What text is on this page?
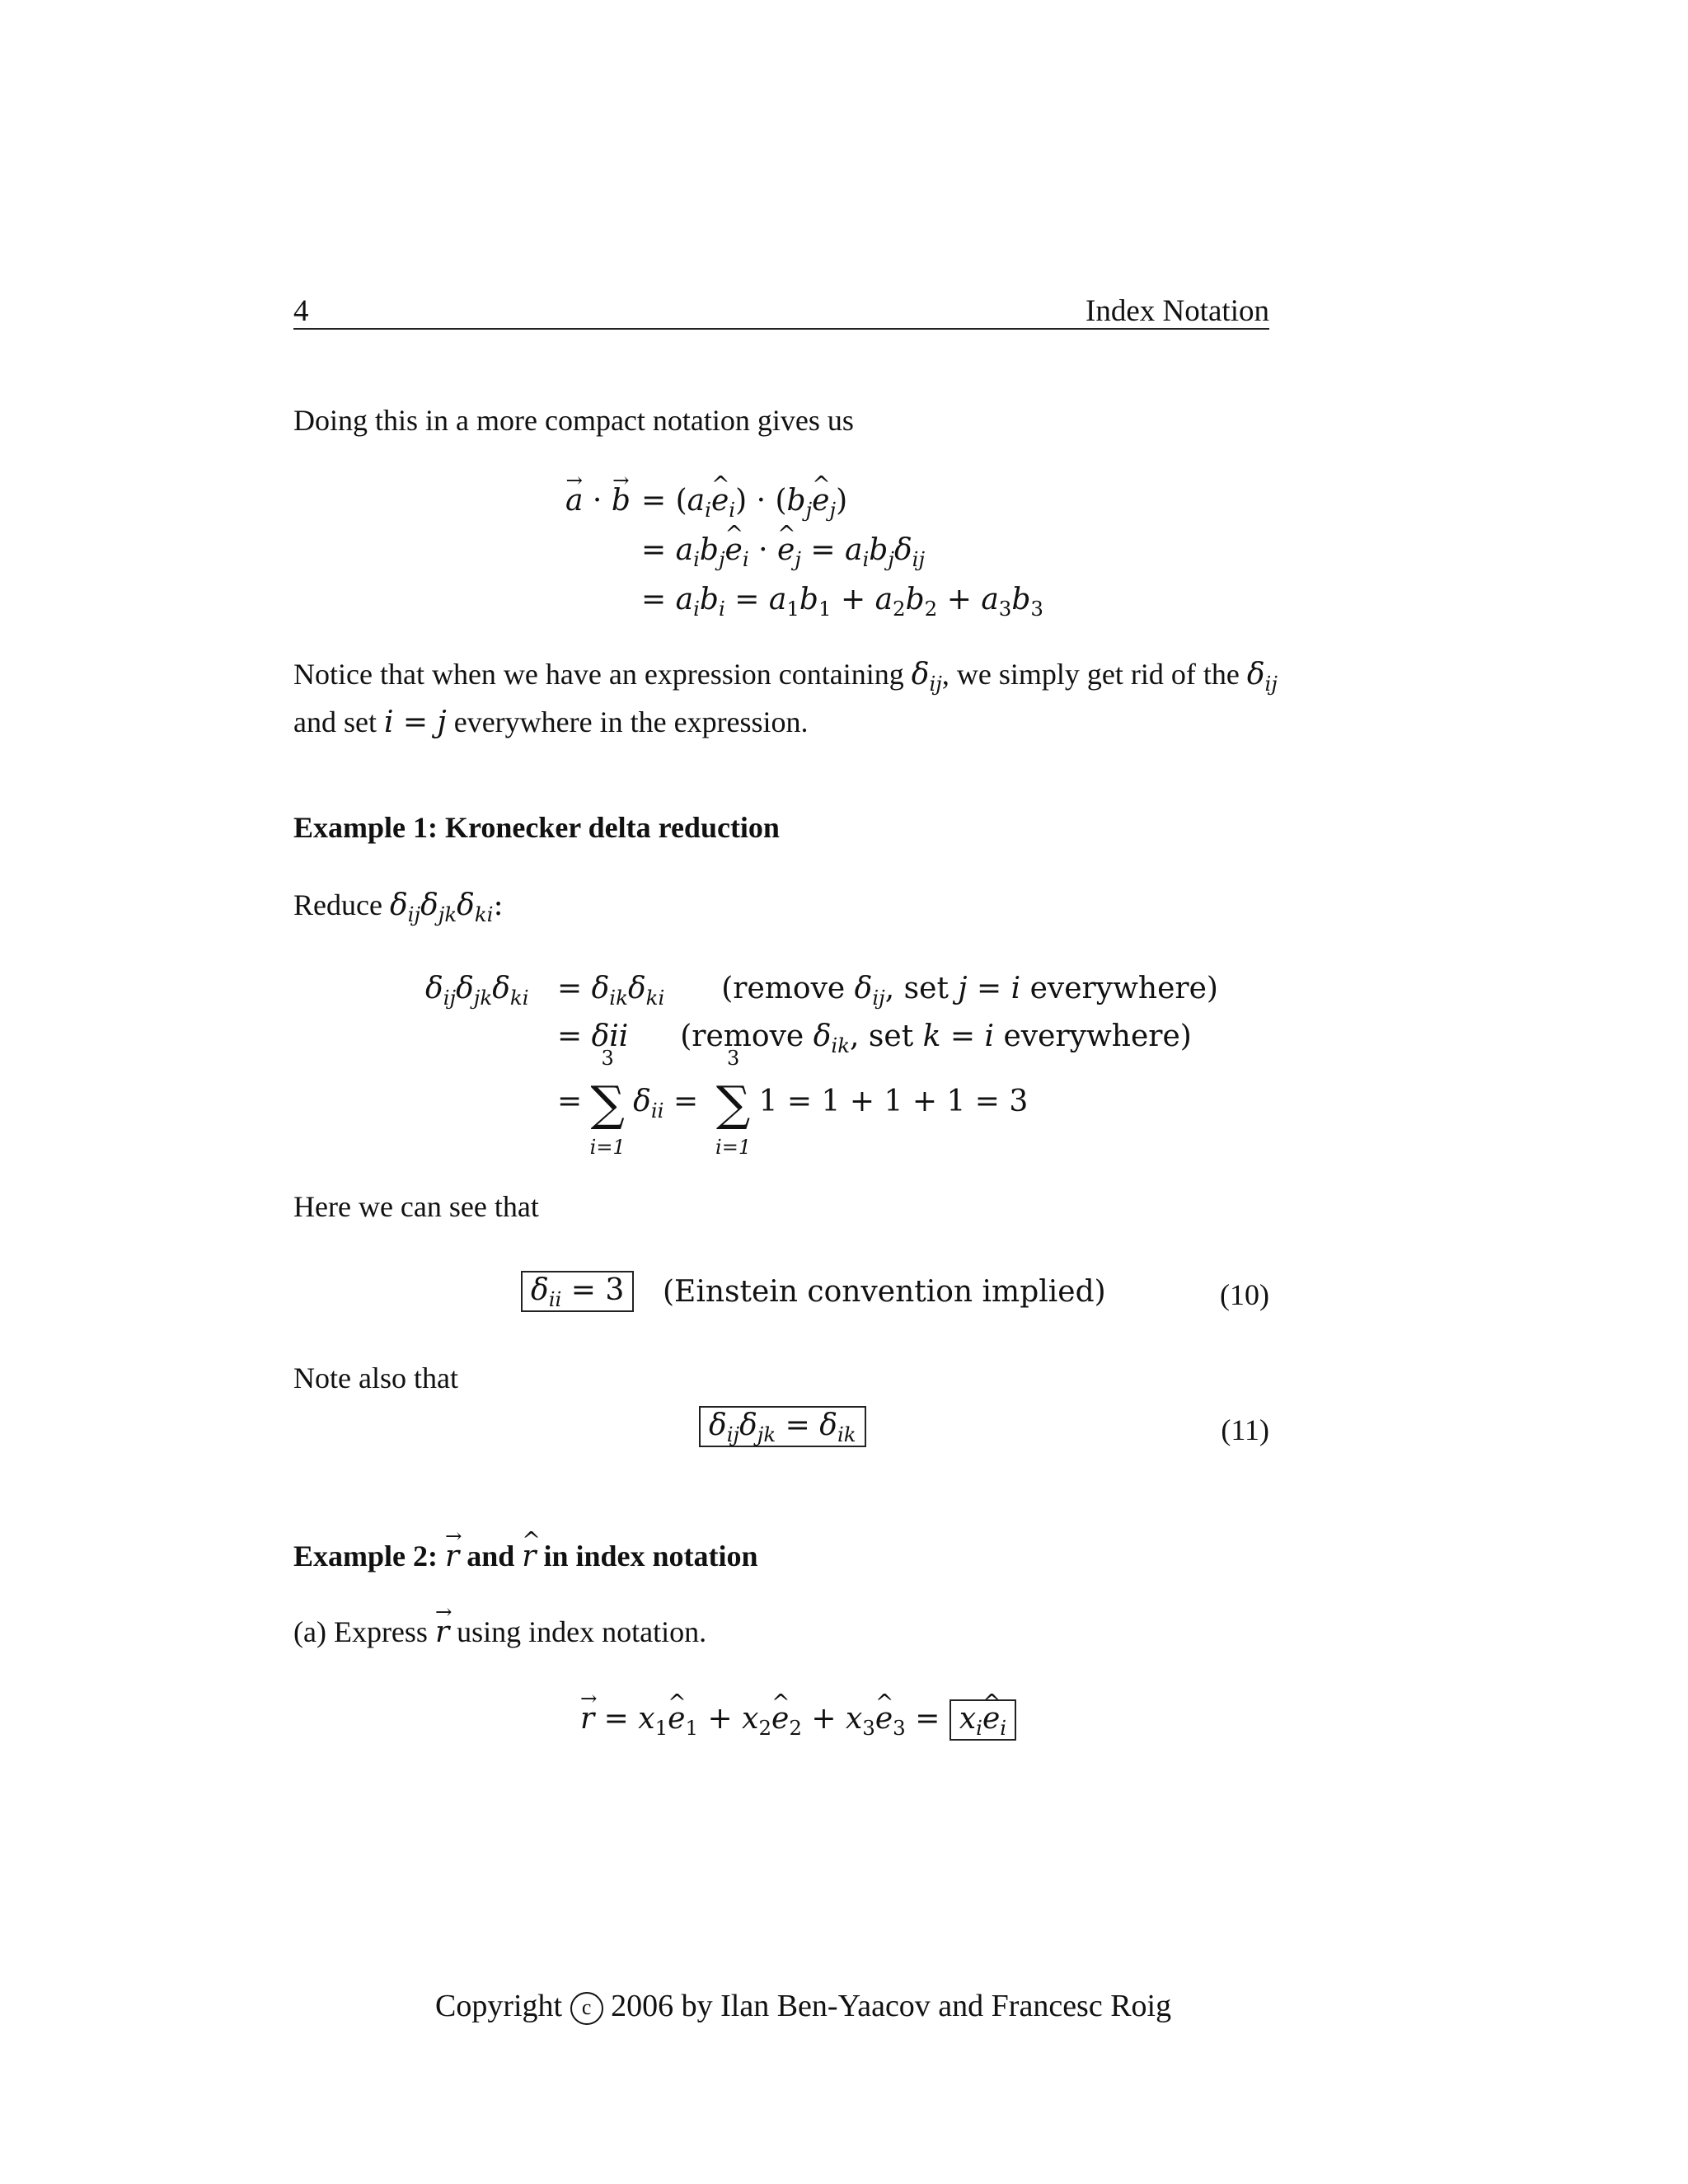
4	Index Notation
Doing this in a more compact notation gives us
→ a · → $b = (a_i\^{}$ $e_i$) · ($b_j\^{}$ $e_j$)
= $a_ib_j\^{}$ $e_i$ · ^ $e_j = a_ib_j\delta_{ij}$
= $a_ib_i = a_1b_1 + a_2b_2 + a_3b_3$
Notice that when we have an expression containing $\delta_{ij}$, we simply get rid of the $\delta_{ij}$
and set i = j everywhere in the expression.
Example 1: Kronecker delta reduction
Reduce $\delta_{ij}\delta_{jk}\delta_{ki}$:
$\delta_{ij}\delta_{jk}\delta_{ki} = \delta_{ik}\delta_{ki}$ (remove $\delta_{ij}$, set j = i everywhere)
= δii (remove $\delta_{ik}$, set k = i everywhere)
=
3
∑
i=1
$\delta_{ii}$ =
3
∑
i=1
1 = 1 + 1 + 1 = 3
Here we can see that
$\delta_{ii} = 3$	(Einstein convention implied)	(10)
Note also that
$\delta_{ij}\delta_{jk} = \delta_{ik}$	(11)
Example 2: → r and ^ r in index notation
(a) Express → r using index notation.
→ $r = x_1\^{}$ $e_1$ + $x_2\^{}$ $e_2$ + $x_3\^{}$ $e_3$ = $x_i\^{}$ $e_i$
Copyright c 2006 by Ilan Ben-Yaacov and Francesc Roig
